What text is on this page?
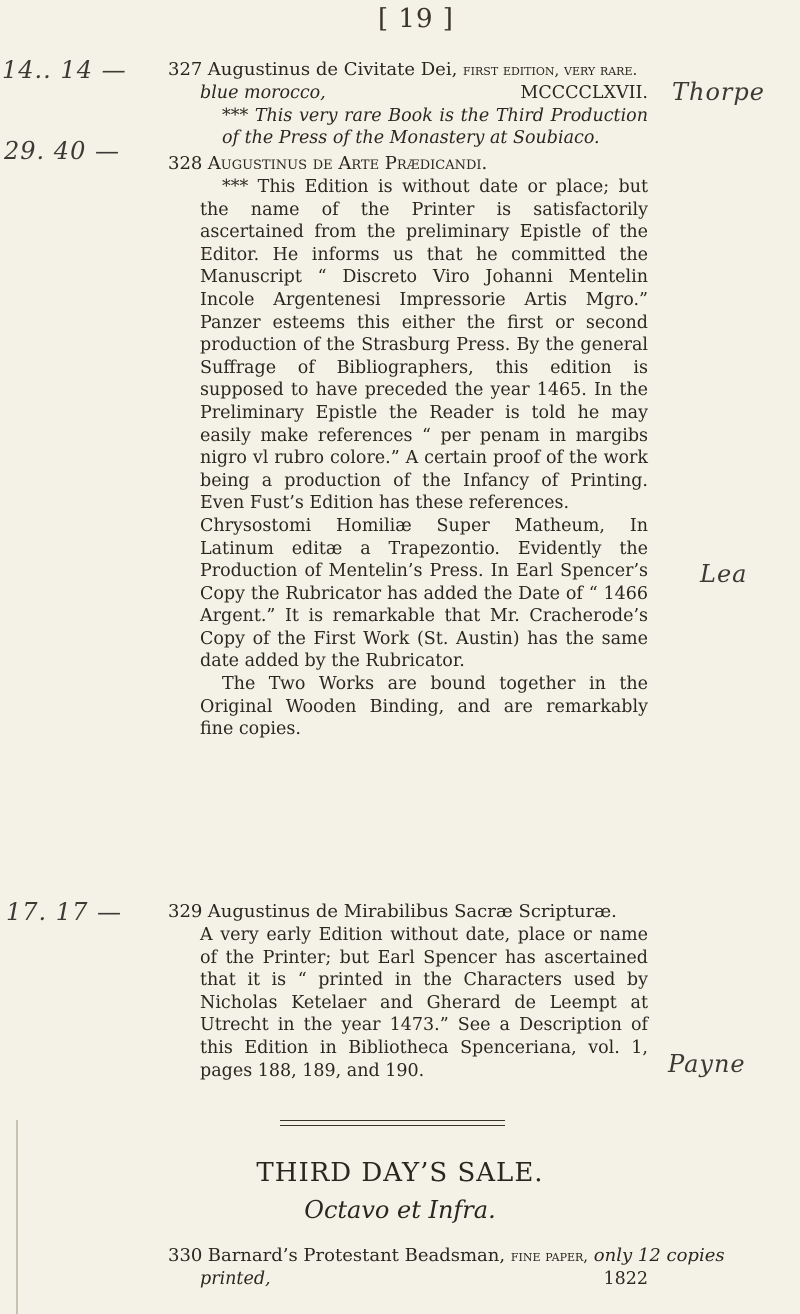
[ 19 ]
14.. 14 —
Thorpe
29. 40 —
Lea
17. 17 —
Payne
327 Augustinus de Civitate Dei, first edition, very rare.
blue morocco,	MCCCCLXVII.

*** This very rare Book is the Third Production of the Press of the Monastery at Soubiaco.

328 Augustinus de Arte Prædicandi.

*** This Edition is without date or place; but the name of the Printer is satisfactorily ascertained from the preliminary Epistle of the Editor. He informs us that he committed the Manuscript “ Discreto Viro Johanni Mentelin Incole Argentenesi Impressorie Artis Mgro.” Panzer esteems this either the first or second production of the Strasburg Press. By the general Suffrage of Bibliographers, this edition is supposed to have preceded the year 1465. In the Preliminary Epistle the Reader is told he may easily make references “ per penam in margibs nigro vl rubro colore.” A certain proof of the work being a production of the Infancy of Printing. Even Fust’s Edition has these references.

Chrysostomi Homiliæ Super Matheum, In Latinum editæ a Trapezontio. Evidently the Production of Mentelin’s Press. In Earl Spencer’s Copy the Rubricator has added the Date of “ 1466 Argent.” It is remarkable that Mr. Cracherode’s Copy of the First Work (St. Austin) has the same date added by the Rubricator.

The Two Works are bound together in the Original Wooden Binding, and are remarkably fine copies.

329 Augustinus de Mirabilibus Sacræ Scripturæ.

A very early Edition without date, place or name of the Printer; but Earl Spencer has ascertained that it is “ printed in the Characters used by Nicholas Ketelaer and Gherard de Leempt at Utrecht in the year 1473.” See a Description of this Edition in Bibliotheca Spenceriana, vol. 1, pages 188, 189, and 190.

THIRD DAY’S SALE.
Octavo et Infra.
330 Barnard’s Protestant Beadsman, fine paper, only 12 copies
printed,	1822
